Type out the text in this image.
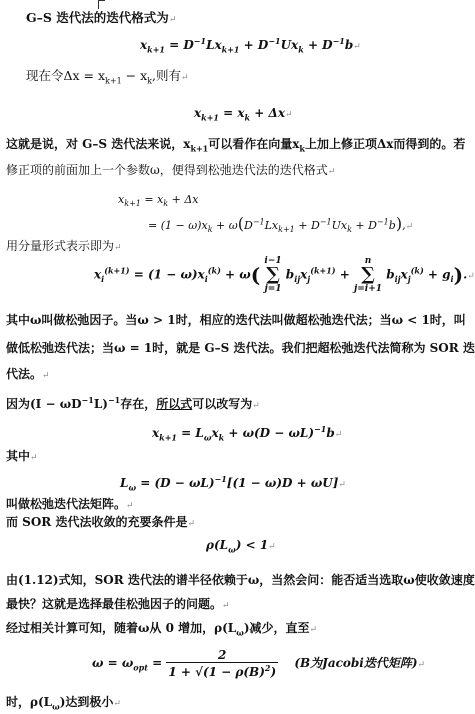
G–S 迭代法的迭代格式为↵
$x_{k+1} = D^{-1}Lx_{k+1} + D^{-1}Ux_k$ + $D^{-1}b↵$
现在令$\Delta x = x_{k+1} - x_k$,则有↵
$x_{k+1} = x_k$ + Δx↵
这就是说，对 G–S 迭代法来说，$x_{k+1}$可以看作在向量$x_k$上加上修正项Δx而得到的。若
修正项的前面加上一个参数ω，便得到松弛迭代法的迭代格式↵
$x_{k+1} = x_k + \Delta x$
= $(1 - \omega)x_k + \omega(D^{-1}Lx_{k+1} + D^{-1}Ux_k$ + $D^{-1}b),↵$
用分量形式表示即为↵
$x_i^{(k+1)} = (1 - \omega)x_i^{(k)} + \omega$( i−1
∑
j=1 $b_{ij}x_j^{(k+1)} + n$
∑
j=i+1 $b_{ij}x_j^{(k)}$ + $g_i).↵$
其中ω叫做松弛因子。当ω > 1时，相应的迭代法叫做超松弛迭代法；当ω < 1时，叫
做低松弛迭代法；当ω = 1时，就是 G–S 迭代法。我们把超松弛迭代法简称为 SOR 迭
代法。↵
因为$(I - \omega D^{-1}L)^{-1}$存在，所以式可以改写为↵
$x_{k+1} = L_\omega x_k + \omega(D$ − $\omega L)^{-1}b↵$
其中↵
$L_\omega = (D - \omega L)^{-1}[(1 - \omega)D$ + ωU]↵
叫做松弛迭代法矩阵。↵
而 SOR 迭代法收敛的充要条件是↵
$\rho(L_\omega)$ < 1↵
由(1.12)式知，SOR 迭代法的谱半径依赖于ω，当然会问：能否适当选取ω使收敛速度
最快？这就是选择最佳松弛因子的问题。↵
经过相关计算可知，随着ω从 0 增加，$\rho(L_\omega)$减少，直至↵
$\omega = \omega_{opt} = \frac{2}{1 + √(1 - \rho(B)^2)} (B$为Jacobi迭代矩阵)↵
时，$\rho(L_\omega)$达到极小↵
